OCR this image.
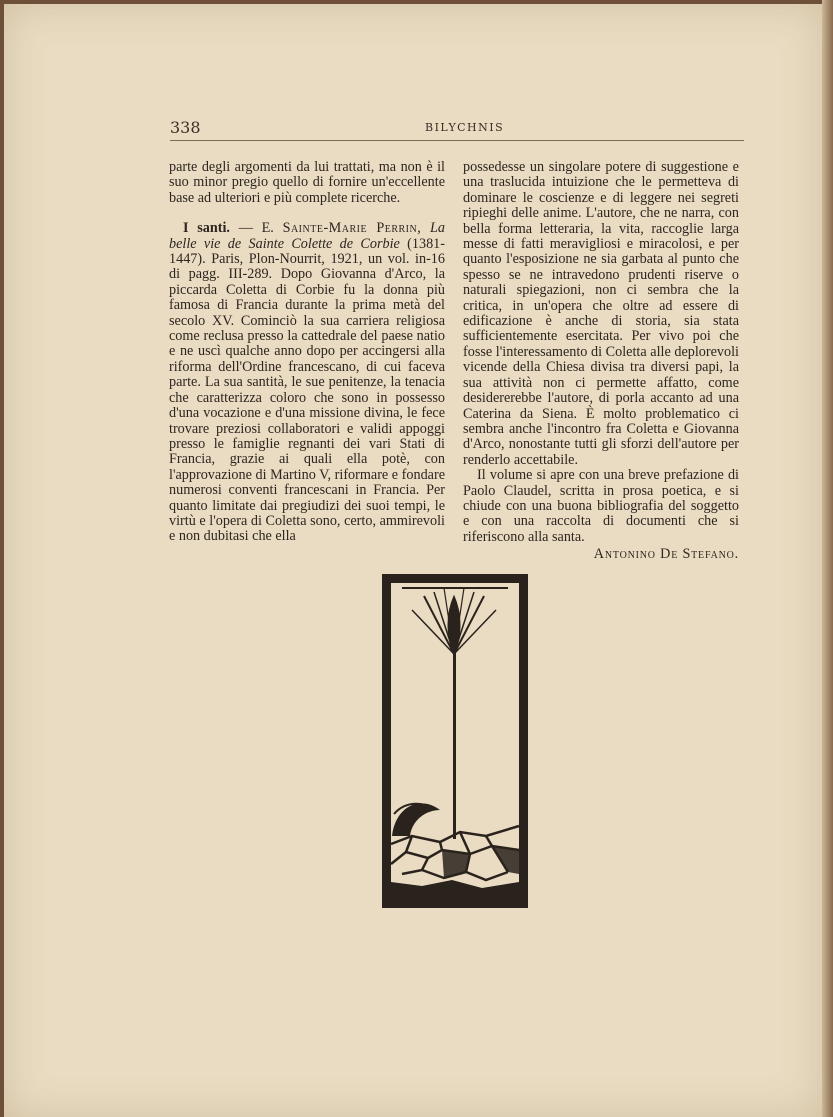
338	BILYCHNIS

parte degli argomenti da lui trattati, ma non è il suo minor pregio quello di fornire un'eccellente base ad ulteriori e più complete ricerche.

I santi. — E. Sainte-Marie Perrin, La belle vie de Sainte Colette de Corbie (1381-1447). Paris, Plon-Nourrit, 1921, un vol. in-16 di pagg. III-289. Dopo Giovanna d'Arco, la piccarda Coletta di Corbie fu la donna più famosa di Francia durante la prima metà del secolo XV. Cominciò la sua carriera religiosa come reclusa presso la cattedrale del paese natio e ne uscì qualche anno dopo per accingersi alla riforma dell'Ordine francescano, di cui faceva parte. La sua santità, le sue penitenze, la tenacia che caratterizza coloro che sono in possesso d'una vocazione e d'una missione divina, le fece trovare preziosi collaboratori e validi appoggi presso le famiglie regnanti dei vari Stati di Francia, grazie ai quali ella potè, con l'approvazione di Martino V, riformare e fondare numerosi conventi francescani in Francia. Per quanto limitate dai pregiudizi dei suoi tempi, le virtù e l'opera di Coletta sono, certo, ammirevoli e non dubitasi che ella

possedesse un singolare potere di suggestione e una traslucida intuizione che le permetteva di dominare le coscienze e di leggere nei segreti ripieghi delle anime. L'autore, che ne narra, con bella forma letteraria, la vita, raccoglie larga messe di fatti meravigliosi e miracolosi, e per quanto l'esposizione ne sia garbata al punto che spesso se ne intravedono prudenti riserve o naturali spiegazioni, non ci sembra che la critica, in un'opera che oltre ad essere di edificazione è anche di storia, sia stata sufficientemente esercitata. Per vivo poi che fosse l'interessamento di Coletta alle deplorevoli vicende della Chiesa divisa tra diversi papi, la sua attività non ci permette affatto, come desidererebbe l'autore, di porla accanto ad una Caterina da Siena. È molto problematico ci sembra anche l'incontro fra Coletta e Giovanna d'Arco, nonostante tutti gli sforzi dell'autore per renderlo accettabile.

Il volume si apre con una breve prefazione di Paolo Claudel, scritta in prosa poetica, e si chiude con una buona bibliografia del soggetto e con una raccolta di documenti che si riferiscono alla santa.

Antonino De Stefano.
